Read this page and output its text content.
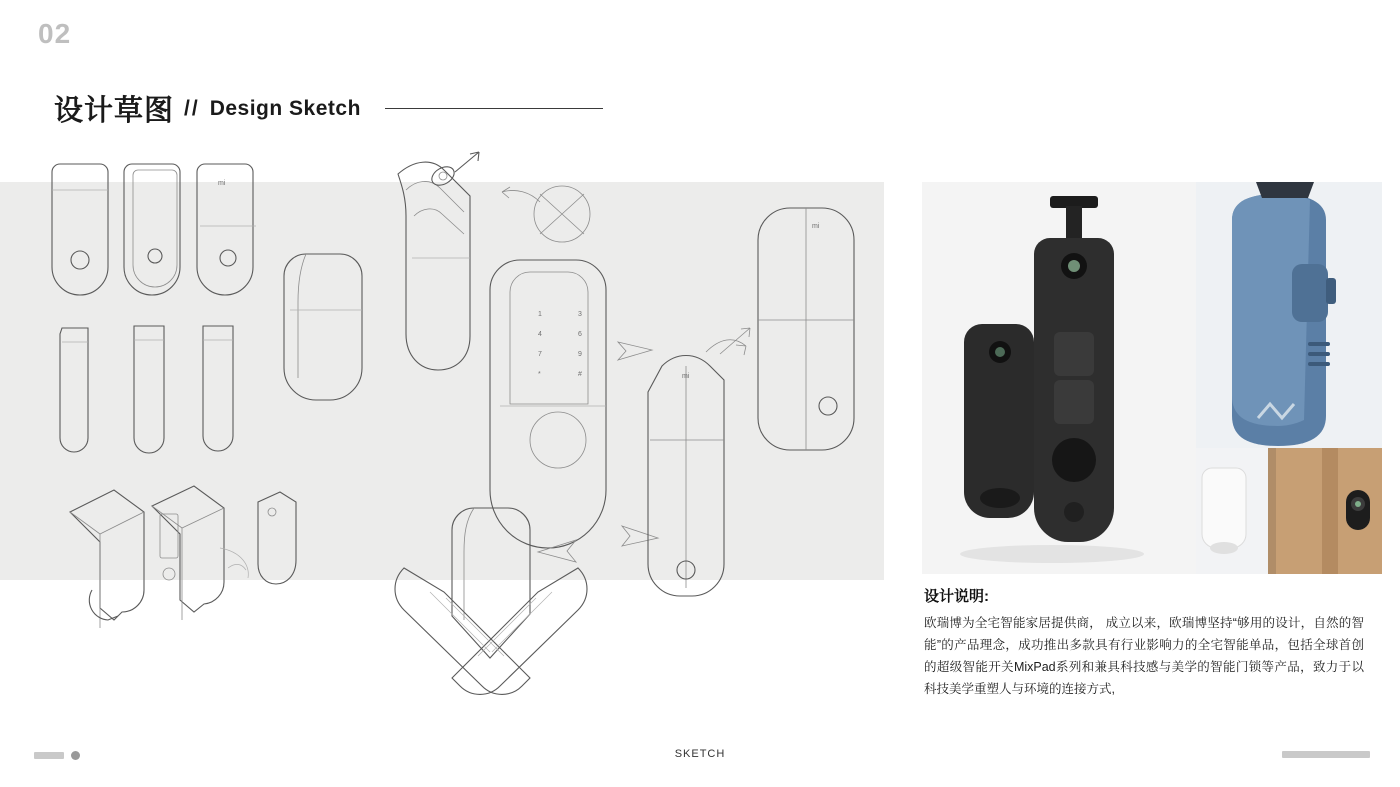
02
设计草图 // Design Sketch
mi
1	3
4	6
7	9
*	#	mi
mi
设计说明:
欧瑞博为全宅智能家居提供商， 成立以来，欧瑞博坚持“够用的设计，自然的智能”的产品理念，成功推出多款具有行业影响力的全宅智能单品，包括全球首创的超级智能开关MixPad系列和兼具科技感与美学的智能门锁等产品，致力于以科技美学重塑人与环境的连接方式,
SKETCH
